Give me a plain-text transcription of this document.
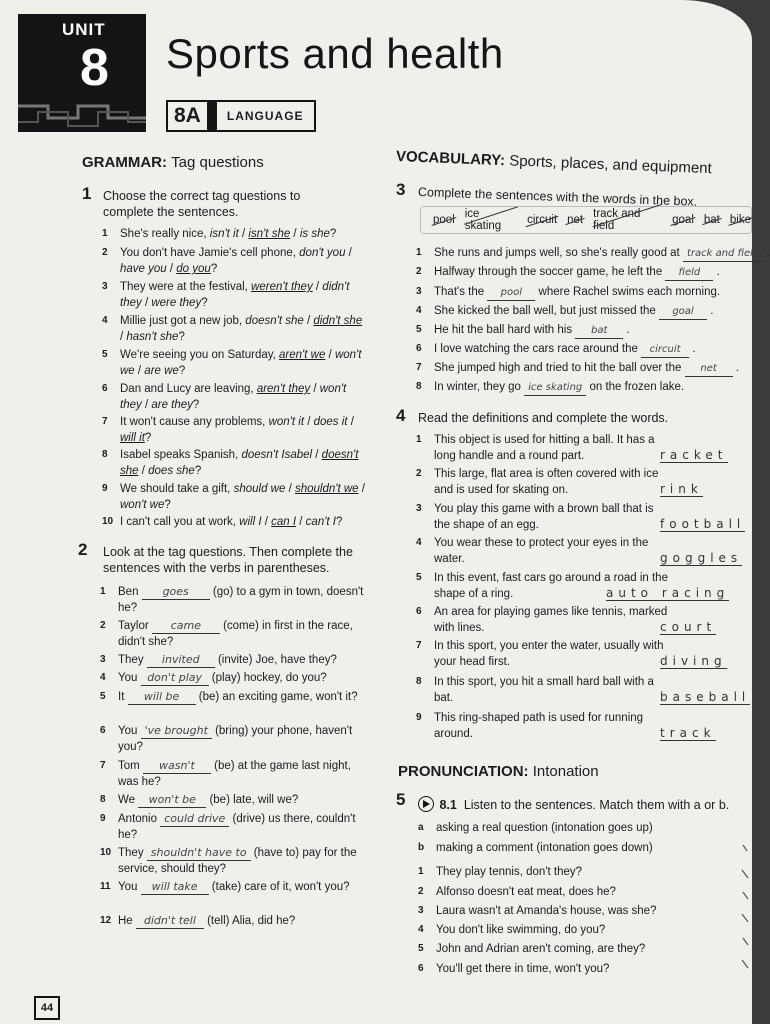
UNIT
8 Sports and health
8A	LANGUAGE
GRAMMAR: Tag questions
1 Choose the correct tag questions to complete the sentences.
1 She's really nice, isn't it / isn't she / is she?
2 You don't have Jamie's cell phone, don't you / have you / do you?
3 They were at the festival, weren't they / didn't they / were they?
4 Millie just got a new job, doesn't she / didn't she / hasn't she?
5 We're seeing you on Saturday, aren't we / won't we / are we?
6 Dan and Lucy are leaving, aren't they / won't they / are they?
7 It won't cause any problems, won't it / does it / will it?
8 Isabel speaks Spanish, doesn't Isabel / doesn't she / does she?
9 We should take a gift, should we / shouldn't we / won't we?
10 I can't call you at work, will I / can I / can't I?
2 Look at the tag questions. Then complete the sentences with the verbs in parentheses.
1 Ben goes (go) to a gym in town, doesn't he?
2 Taylor came (come) in first in the race, didn't she?
3 They invited (invite) Joe, have they?
4 You don't play (play) hockey, do you?
5 It will be (be) an exciting game, won't it?
6 You 've brought (bring) your phone, haven't you?
7 Tom wasn't (be) at the game last night, was he?
8 We won't be (be) late, will we?
9 Antonio could drive (drive) us there, couldn't he?
10 They shouldn't have to (have to) pay for the service, should they?
11 You will take (take) care of it, won't you?
12 He didn't tell (tell) Alia, did he?
VOCABULARY: Sports, places, and equipment
3 Complete the sentences with the words in the box.
pool ice skating	circuit net track and field	goal bat bike
1 She runs and jumps well, so she's really good at track and field .
2 Halfway through the soccer game, he left the field .
3 That's the pool where Rachel swims each morning.
4 She kicked the ball well, but just missed the goal .
5 He hit the ball hard with his bat .
6 I love watching the cars race around the circuit .
7 She jumped high and tried to hit the ball over the net .
8 In winter, they go ice skating on the frozen lake.
4 Read the definitions and complete the words.
1 This object is used for hitting a ball. It has a long handle and a round part.	racket
2 This large, flat area is often covered with ice and is used for skating on.	rink
3 You play this game with a brown ball that is the shape of an egg.	football
4 You wear these to protect your eyes in the water.	goggles
5 In this event, fast cars go around a road in the shape of a ring.	auto racing
6 An area for playing games like tennis, marked with lines.	court
7 In this sport, you enter the water, usually with your head first.	diving
8 In this sport, you hit a small hard ball with a bat.	baseball
9 This ring-shaped path is used for running around.	track
PRONUNCIATION: Intonation
5	8.1 Listen to the sentences. Match them with a or b.
a asking a real question (intonation goes up)
b making a comment (intonation goes down)
1 They play tennis, don't they?
2 Alfonso doesn't eat meat, does he?
3 Laura wasn't at Amanda's house, was she?
4 You don't like swimming, do you?
5 John and Adrian aren't coming, are they?
6 You'll get there in time, won't you?
44
